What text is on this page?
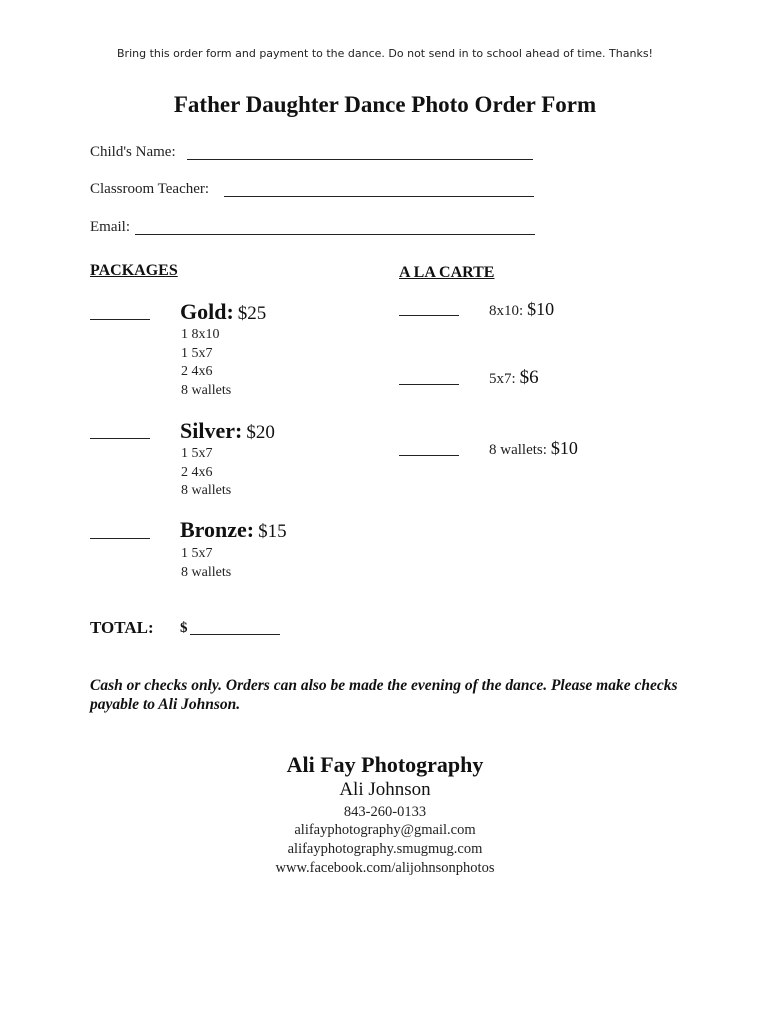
Bring this order form and payment to the dance. Do not send in to school ahead of time. Thanks!
Father Daughter Dance Photo Order Form
Child's Name:
Classroom Teacher:
Email:
PACKAGES	A LA CARTE
Gold: $25
1 8x10
1 5x7
2 4x6
8 wallets
Silver: $20
1 5x7
2 4x6
8 wallets
Bronze: $15
1 5x7
8 wallets
8x10: $10
5x7: $6
8 wallets: $10
TOTAL: $
Cash or checks only. Orders can also be made the evening of the dance. Please make checks payable to Ali Johnson.
Ali Fay Photography
Ali Johnson
843-260-0133
alifayphotography@gmail.com
alifayphotography.smugmug.com
www.facebook.com/alijohnsonphotos
